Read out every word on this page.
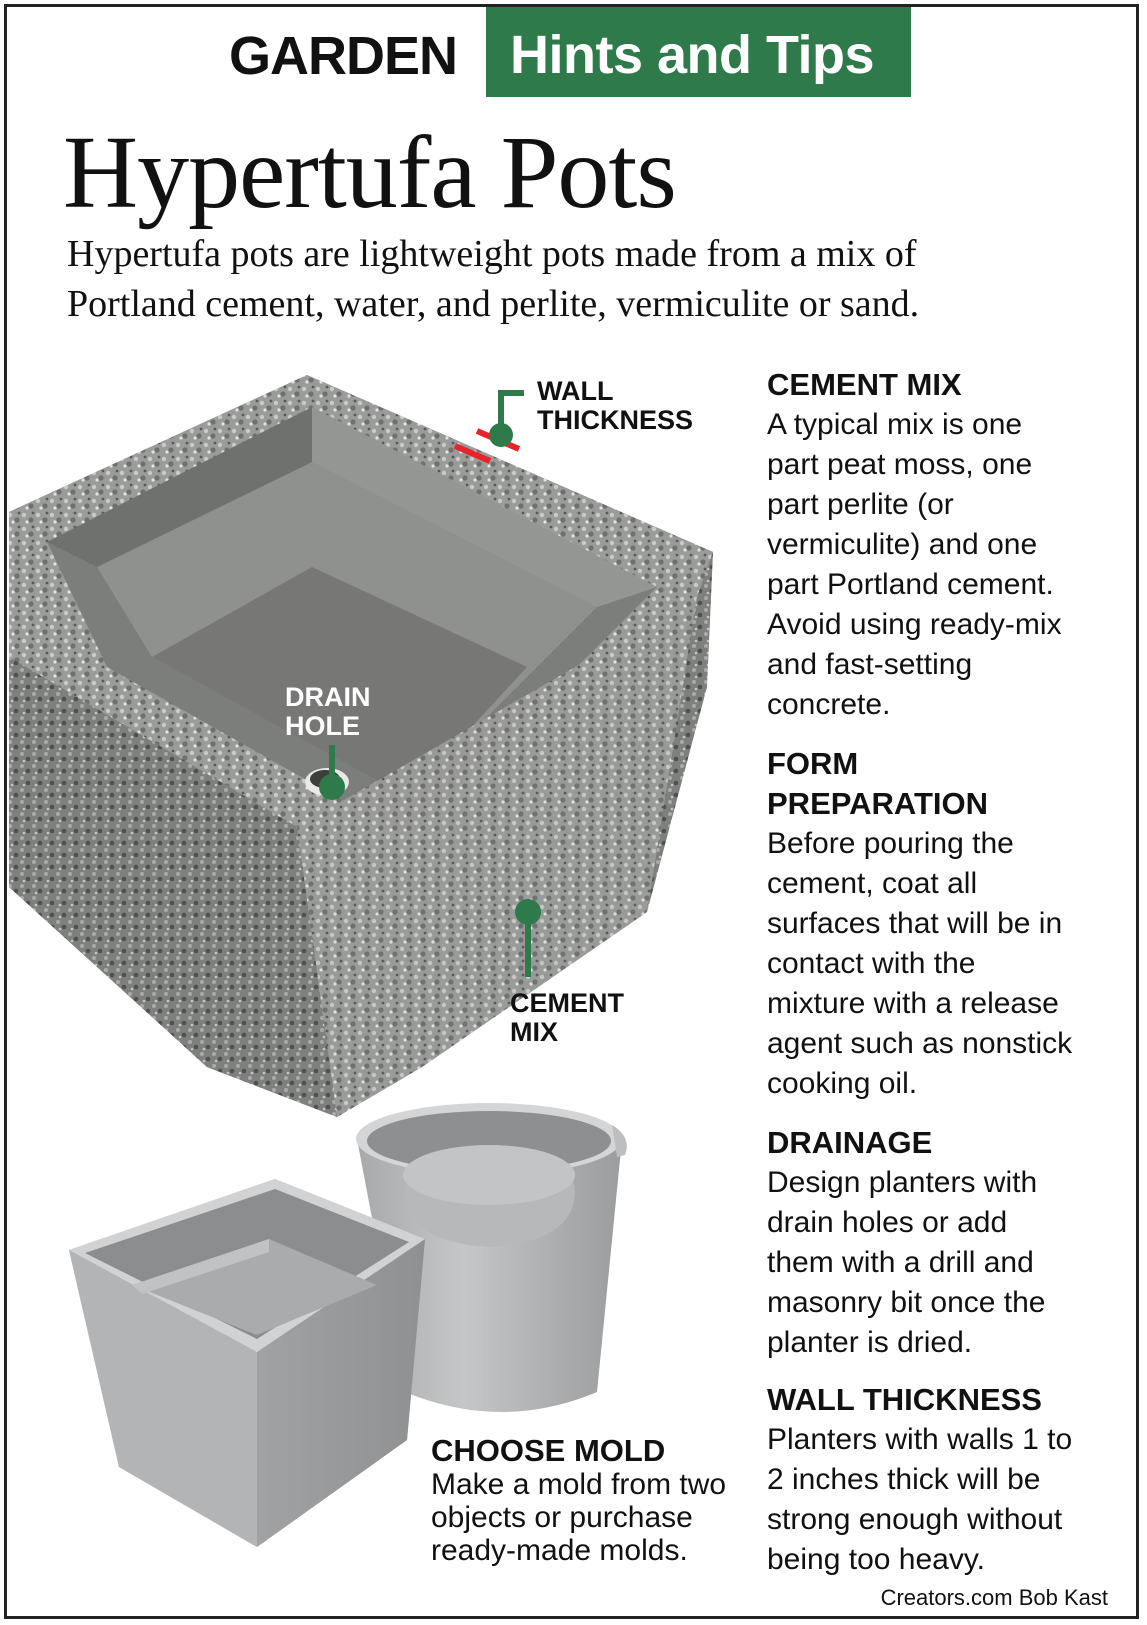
GARDEN Hints and Tips
Hypertufa Pots
Hypertufa pots are lightweight pots made from a mix of
Portland cement, water, and perlite, vermiculite or sand.
WALL
THICKNESS
DRAIN
HOLE
CEMENT
MIX
CEMENT MIX

A typical mix is one

part peat moss, one

part perlite (or

vermiculite) and one

part Portland cement.

Avoid using ready-mix

and fast-setting

concrete.

FORM
PREPARATION

Before pouring the

cement, coat all

surfaces that will be in

contact with the

mixture with a release

agent such as nonstick

cooking oil.

DRAINAGE

Design planters with

drain holes or add

them with a drill and

masonry bit once the

planter is dried.

WALL THICKNESS

Planters with walls 1 to

2 inches thick will be

strong enough without

being too heavy.

CHOOSE MOLD

Make a mold from two

objects or purchase

ready-made molds.

Creators.com Bob Kast
